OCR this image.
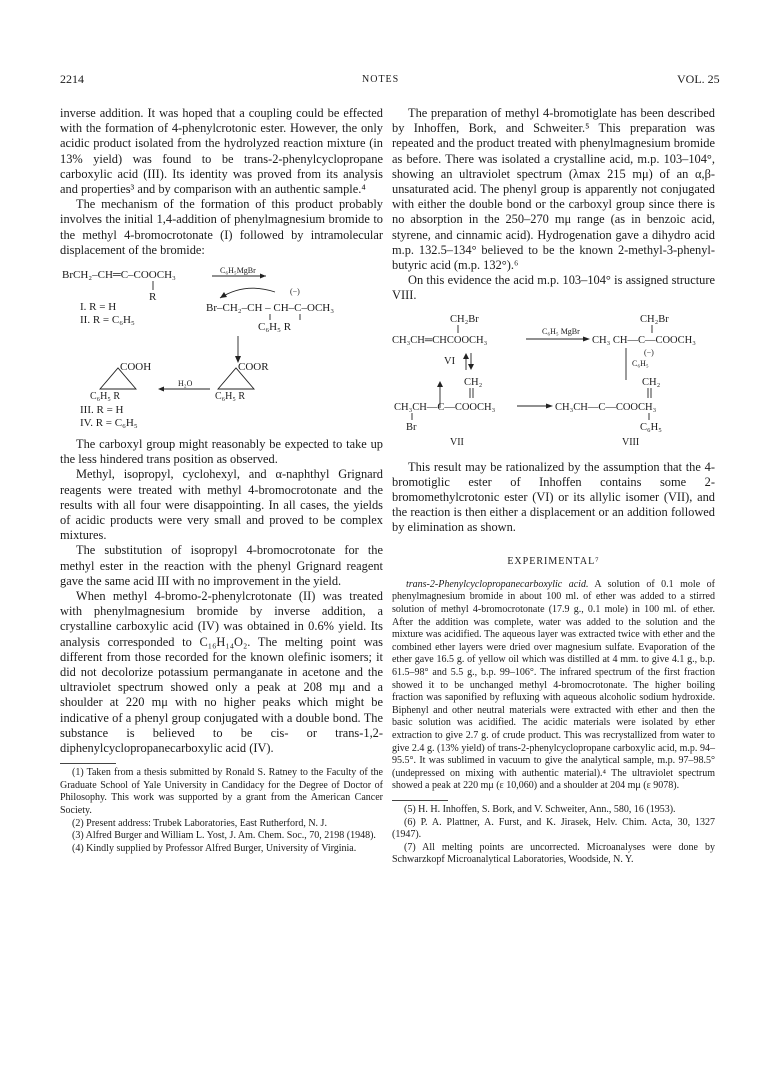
2214	NOTES	VOL. 25

inverse addition. It was hoped that a coupling could be effected with the formation of 4-phenylcrotonic ester. However, the only acidic product isolated from the hydrolyzed reaction mixture (in 13% yield) was found to be trans-2-phenylcyclopropane carboxylic acid (III). Its identity was proved from its analysis and properties³ and by comparison with an authentic sample.⁴

The mechanism of the formation of this product probably involves the initial 1,4-addition of phenylmagnesium bromide to the methyl 4-bromocrotonate (I) followed by intramolecular displacement of the bromide:

BrCH₂–CH═C–COOCH₃	C₆H₅MgBr
R	(−)
Br–CH₂–CH – CH–C–OCH₃
I. R = H
II. R = C₆H₅
C₆H₅ R
COOH	COOR
H₂O
C₆H₅ R	C₆H₅ R
III. R = H
IV. R = C₆H₅

The carboxyl group might reasonably be expected to take up the less hindered trans position as observed.

Methyl, isopropyl, cyclohexyl, and α-naphthyl Grignard reagents were treated with methyl 4-bromocrotonate and the results with all four were disappointing. In all cases, the yields of acidic products were very small and proved to be complex mixtures.

The substitution of isopropyl 4-bromocrotonate for the methyl ester in the reaction with the phenyl Grignard reagent gave the same acid III with no improvement in the yield.

When methyl 4-bromo-2-phenylcrotonate (II) was treated with phenylmagnesium bromide by inverse addition, a crystalline carboxylic acid (IV) was obtained in 0.6% yield. Its analysis corresponded to C₁₆H₁₄O₂. The melting point was different from those recorded for the known olefinic isomers; it did not decolorize potassium permanganate in acetone and the ultraviolet spectrum showed only a peak at 208 mμ and a shoulder at 220 mμ with no higher peaks which might be indicative of a phenyl group conjugated with a double bond. The substance is believed to be cis- or trans-1,2-diphenylcyclopropanecarboxylic acid (IV).

(1) Taken from a thesis submitted by Ronald S. Ratney to the Faculty of the Graduate School of Yale University in Candidacy for the Degree of Doctor of Philosophy. This work was supported by a grant from the American Cancer Society.

(2) Present address: Trubek Laboratories, East Rutherford, N. J.

(3) Alfred Burger and William L. Yost, J. Am. Chem. Soc., 70, 2198 (1948).

(4) Kindly supplied by Professor Alfred Burger, University of Virginia.

The preparation of methyl 4-bromotiglate has been described by Inhoffen, Bork, and Schweiter.⁵ This preparation was repeated and the product treated with phenylmagnesium bromide as before. There was isolated a crystalline acid, m.p. 103–104°, showing an ultraviolet spectrum (λmax 215 mμ) of an α,β-unsaturated acid. The phenyl group is apparently not conjugated with either the double bond or the carboxyl group since there is no absorption in the 250–270 mμ range (as in benzoic acid, styrene, and cinnamic acid). Hydrogenation gave a dihydro acid m.p. 132.5–134° believed to be the known 2-methyl-3-phenyl-butyric acid (m.p. 132°).⁶

On this evidence the acid m.p. 103–104° is assigned structure VIII.

CH₂Br	CH₂Br
C₆H₅ MgBr
CH₃CH═CHCOOCH₃	CH₃ CH—C—COOCH₃
(−)
VI	C₆H₅
CH₂	CH₂
CH₃CH—C—COOCH₃	CH₃CH—C—COOCH₃
Br	C₆H₅
VII	VIII

This result may be rationalized by the assumption that the 4-bromotiglic ester of Inhoffen contains some 2-bromomethylcrotonic ester (VI) or its allylic isomer (VII), and the reaction is then either a displacement or an addition followed by elimination as shown.

EXPERIMENTAL⁷
trans-2-Phenylcyclopropanecarboxylic acid. A solution of 0.1 mole of phenylmagnesium bromide in about 100 ml. of ether was added to a stirred solution of methyl 4-bromocrotonate (17.9 g., 0.1 mole) in 100 ml. of ether. After the addition was complete, water was added to the solution and the mixture was acidified. The aqueous layer was extracted twice with ether and the combined ether layers were dried over magnesium sulfate. Evaporation of the ether gave 16.5 g. of yellow oil which was distilled at 4 mm. to give 4.1 g., b.p. 61.5–98° and 5.5 g., b.p. 99–106°. The infrared spectrum of the first fraction showed it to be unchanged methyl 4-bromocrotonate. The higher boiling fraction was saponified by refluxing with aqueous alcoholic sodium hydroxide. Biphenyl and other neutral materials were extracted with ether and then the basic solution was acidified. The acidic materials were isolated by ether extraction to give 2.7 g. of crude product. This was recrystallized from water to give 2.4 g. (13% yield) of trans-2-phenylcyclopropane carboxylic acid, m.p. 94–95.5°. It was sublimed in vacuum to give the analytical sample, m.p. 97–98.5° (undepressed on mixing with authentic material).⁴ The ultraviolet spectrum showed a peak at 220 mμ (ε 10,060) and a shoulder at 204 mμ (ε 9078).

(5) H. H. Inhoffen, S. Bork, and V. Schweiter, Ann., 580, 16 (1953).

(6) P. A. Plattner, A. Furst, and K. Jirasek, Helv. Chim. Acta, 30, 1327 (1947).

(7) All melting points are uncorrected. Microanalyses were done by Schwarzkopf Microanalytical Laboratories, Woodside, N. Y.
